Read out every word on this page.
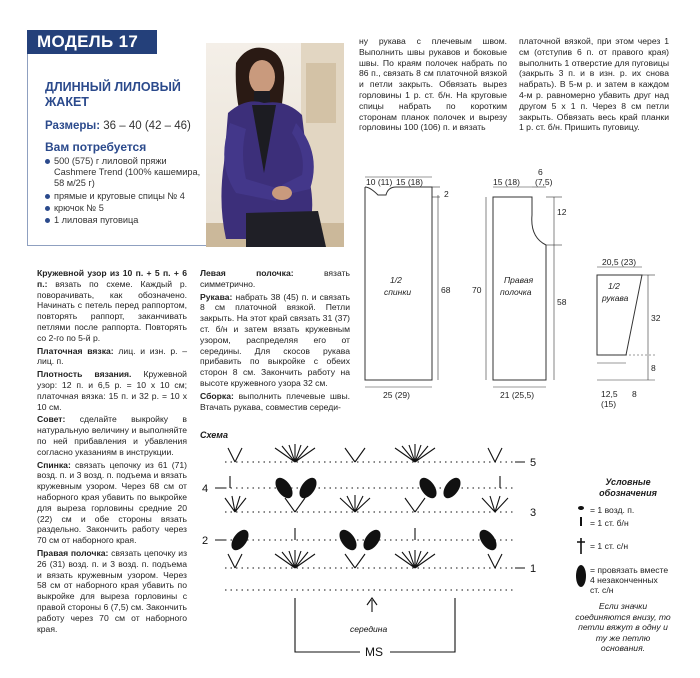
МОДЕЛЬ 17
ДЛИННЫЙ ЛИЛОВЫЙ ЖАКЕТ
Размеры: 36 – 40 (42 – 46)
Вам потребуется
500 (575) г лиловой пряжи Cashmere Trend (100% кашемира, 58 м/25 г)
прямые и круговые спицы № 4
крючок № 5
1 лиловая пуговица

Кружевной узор из 10 п. + 5 п. + 6 п.: вязать по схеме. Каждый р. поворачивать, как обозначено. Начинать с петель перед раппортом, повторять раппорт, заканчивать петлями после раппорта. Повторять со 2-го по 5-й р.

Платочная вязка: лиц. и изн. р. – лиц. п.

Плотность вязания. Кружевной узор: 12 п. и 6,5 р. = 10 х 10 см; платочная вязка: 15 п. и 32 р. = 10 х 10 см.

Совет: сделайте выкройку в натуральную величину и выполняйте по ней прибавления и убавления согласно указаниям в инструкции.

Спинка: связать цепочку из 61 (71) возд. п. и 3 возд. п. подъема и вязать кружевным узором. Через 68 см от наборного края убавить по выкройке для выреза горловины средние 20 (22) см и обе стороны вязать раздельно. Закончить работу через 70 см от наборного края.

Правая полочка: связать цепочку из 26 (31) возд. п. и 3 возд. п. подъема и вязать кружевным узором. Через 58 см от наборного края убавить по выкройке для выреза горловины с правой стороны 6 (7,5) см. Закончить работу через 70 см от наборного края.

Левая полочка:	вязать симметрично.

Рукава: набрать 38 (45) п. и связать 8 см платочной вязкой. Петли закрыть. На этот край связать 31 (37) ст. б/н и затем вязать кружевным узором, распределяя его от середины. Для скосов рукава прибавить по выкройке с обеих сторон 8 см. Закончить работу на высоте кружевного узора 32 см.

Сборка: выполнить плечевые швы. Втачать рукава, совместив середи-

ну рукава с плечевым швом. Выполнить швы рукавов и боковые швы. По краям полочек набрать по 86 п., связать 8 см платочной вязкой и петли закрыть. Обвязать вырез горловины 1 р. ст. б/н. На круговые спицы набрать по коротким сторонам планок полочек и вырезу горловины 100 (106) п. и вязать

платочной вязкой, при этом через 1 см (отступив 6 п. от правого края) выполнить 1 отверстие для пуговицы (закрыть 3 п. и в изн. р. их снова набрать). В 5-м р. и затем в каждом 4-м р. равномерно убавить друг над другом 5 х 1 п. Через 8 см петли закрыть. Обвязать весь край планки 1 р. ст. б/н. Пришить пуговицу.

10 (11) 15 (18)
2
68
25 (29)
1/2
спинки
15 (18)
6
(7,5)
70
12
58
21 (25,5)
Правая
полочка
20,5 (23)
32
8
12,5
(15)
8
1/2
рукава
Схема
5
4
3
2
1
середина
MS
Условные
обозначения
= 1 возд. п.
= 1 ст. б/н
= 1 ст. с/н
= провязать вместе
4 незаконченных
ст. с/н
Если значки соединяются внизу, то петли вяжут в одну и ту же петлю основания.
